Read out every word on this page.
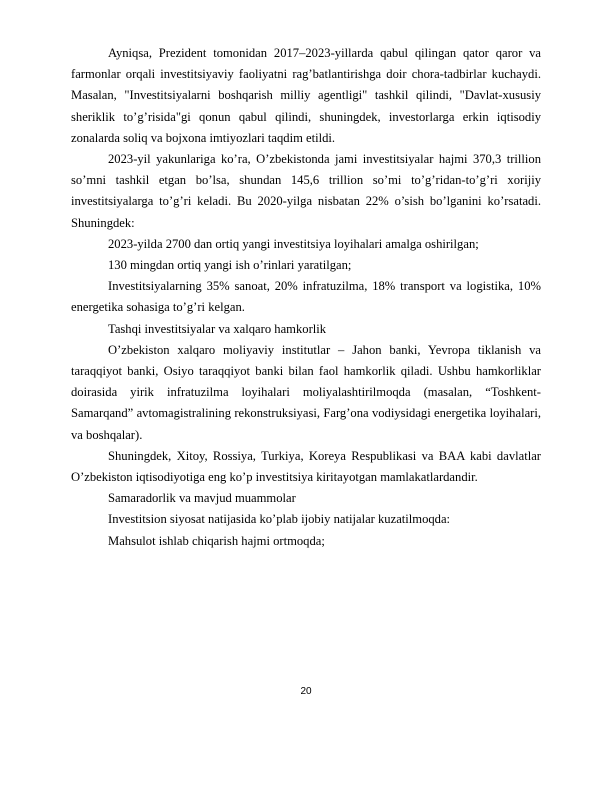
Ayniqsa, Prezident tomonidan 2017–2023-yillarda qabul qilingan qator qaror va farmonlar orqali investitsiyaviy faoliyatni rag’batlantirishga doir chora-tadbirlar kuchaydi. Masalan, "Investitsiyalarni boshqarish milliy agentligi" tashkil qilindi, "Davlat-xususiy sheriklik to’g’risida"gi qonun qabul qilindi, shuningdek, investorlarga erkin iqtisodiy zonalarda soliq va bojxona imtiyozlari taqdim etildi.

2023-yil yakunlariga ko’ra, O’zbekistonda jami investitsiyalar hajmi 370,3 trillion so’mni tashkil etgan bo’lsa, shundan 145,6 trillion so’mi to’g’ridan-to’g’ri xorijiy investitsiyalarga to’g’ri keladi. Bu 2020-yilga nisbatan 22% o’sish bo’lganini ko’rsatadi. Shuningdek:

2023-yilda 2700 dan ortiq yangi investitsiya loyihalari amalga oshirilgan;

130 mingdan ortiq yangi ish o’rinlari yaratilgan;

Investitsiyalarning 35% sanoat, 20% infratuzilma, 18% transport va logistika, 10% energetika sohasiga to’g’ri kelgan.

Tashqi investitsiyalar va xalqaro hamkorlik

O’zbekiston xalqaro moliyaviy institutlar – Jahon banki, Yevropa tiklanish va taraqqiyot banki, Osiyo taraqqiyot banki bilan faol hamkorlik qiladi. Ushbu hamkorliklar doirasida yirik infratuzilma loyihalari moliyalashtirilmoqda (masalan, “Toshkent-Samarqand” avtomagistralining rekonstruksiyasi, Farg’ona vodiysidagi energetika loyihalari, va boshqalar).

Shuningdek, Xitoy, Rossiya, Turkiya, Koreya Respublikasi va BAA kabi davlatlar O’zbekiston iqtisodiyotiga eng ko’p investitsiya kiritayotgan mamlakatlardandir.

Samaradorlik va mavjud muammolar

Investitsion siyosat natijasida ko’plab ijobiy natijalar kuzatilmoqda:

Mahsulot ishlab chiqarish hajmi ortmoqda;

20
